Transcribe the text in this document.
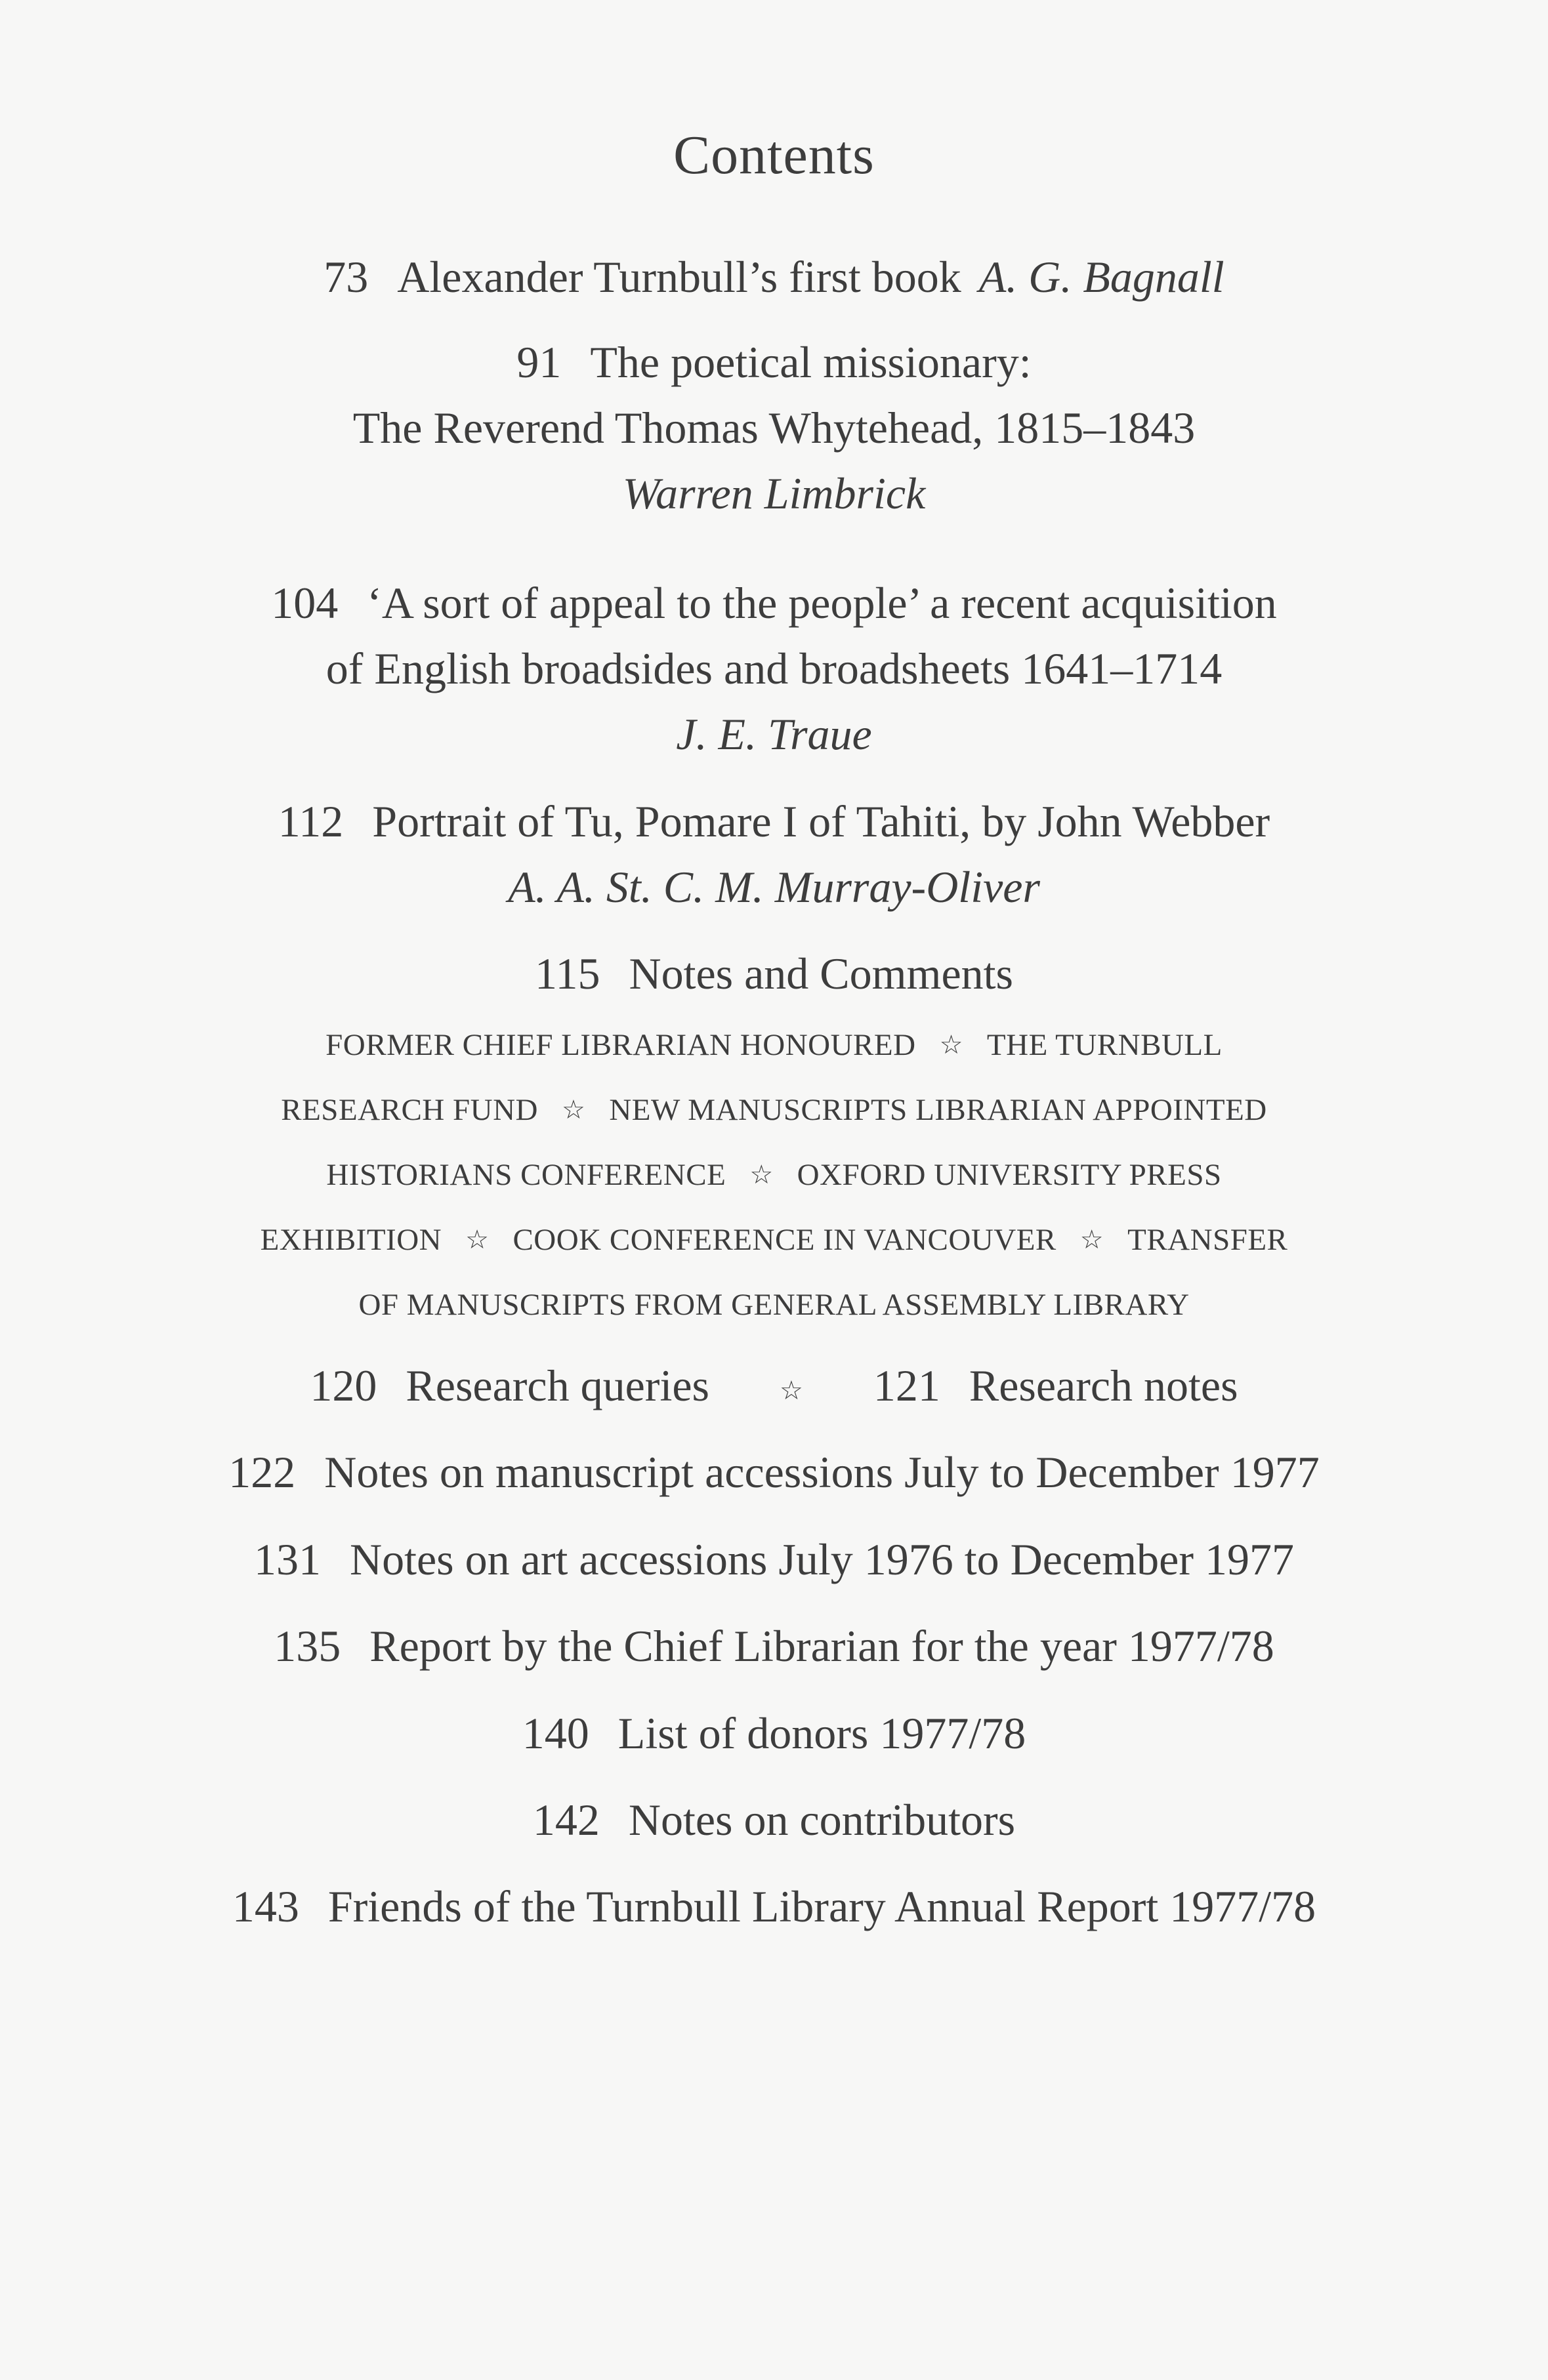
Contents
73 Alexander Turnbull’s first book A. G. Bagnall
91 The poetical missionary:
The Reverend Thomas Whytehead, 1815–1843
Warren Limbrick
104 ‘A sort of appeal to the people’ a recent acquisition
of English broadsides and broadsheets 1641–1714
J. E. Traue
112 Portrait of Tu, Pomare I of Tahiti, by John Webber
A. A. St. C. M. Murray-Oliver
115 Notes and Comments
FORMER CHIEF LIBRARIAN HONOURED ☆ THE TURNBULL
RESEARCH FUND ☆ NEW MANUSCRIPTS LIBRARIAN APPOINTED
HISTORIANS CONFERENCE ☆ OXFORD UNIVERSITY PRESS
EXHIBITION ☆ COOK CONFERENCE IN VANCOUVER ☆ TRANSFER
OF MANUSCRIPTS FROM GENERAL ASSEMBLY LIBRARY
120 Research queries	☆ 121 Research notes
122 Notes on manuscript accessions July to December 1977
131 Notes on art accessions July 1976 to December 1977
135 Report by the Chief Librarian for the year 1977/78
140 List of donors 1977/78
142 Notes on contributors
143 Friends of the Turnbull Library Annual Report 1977/78
